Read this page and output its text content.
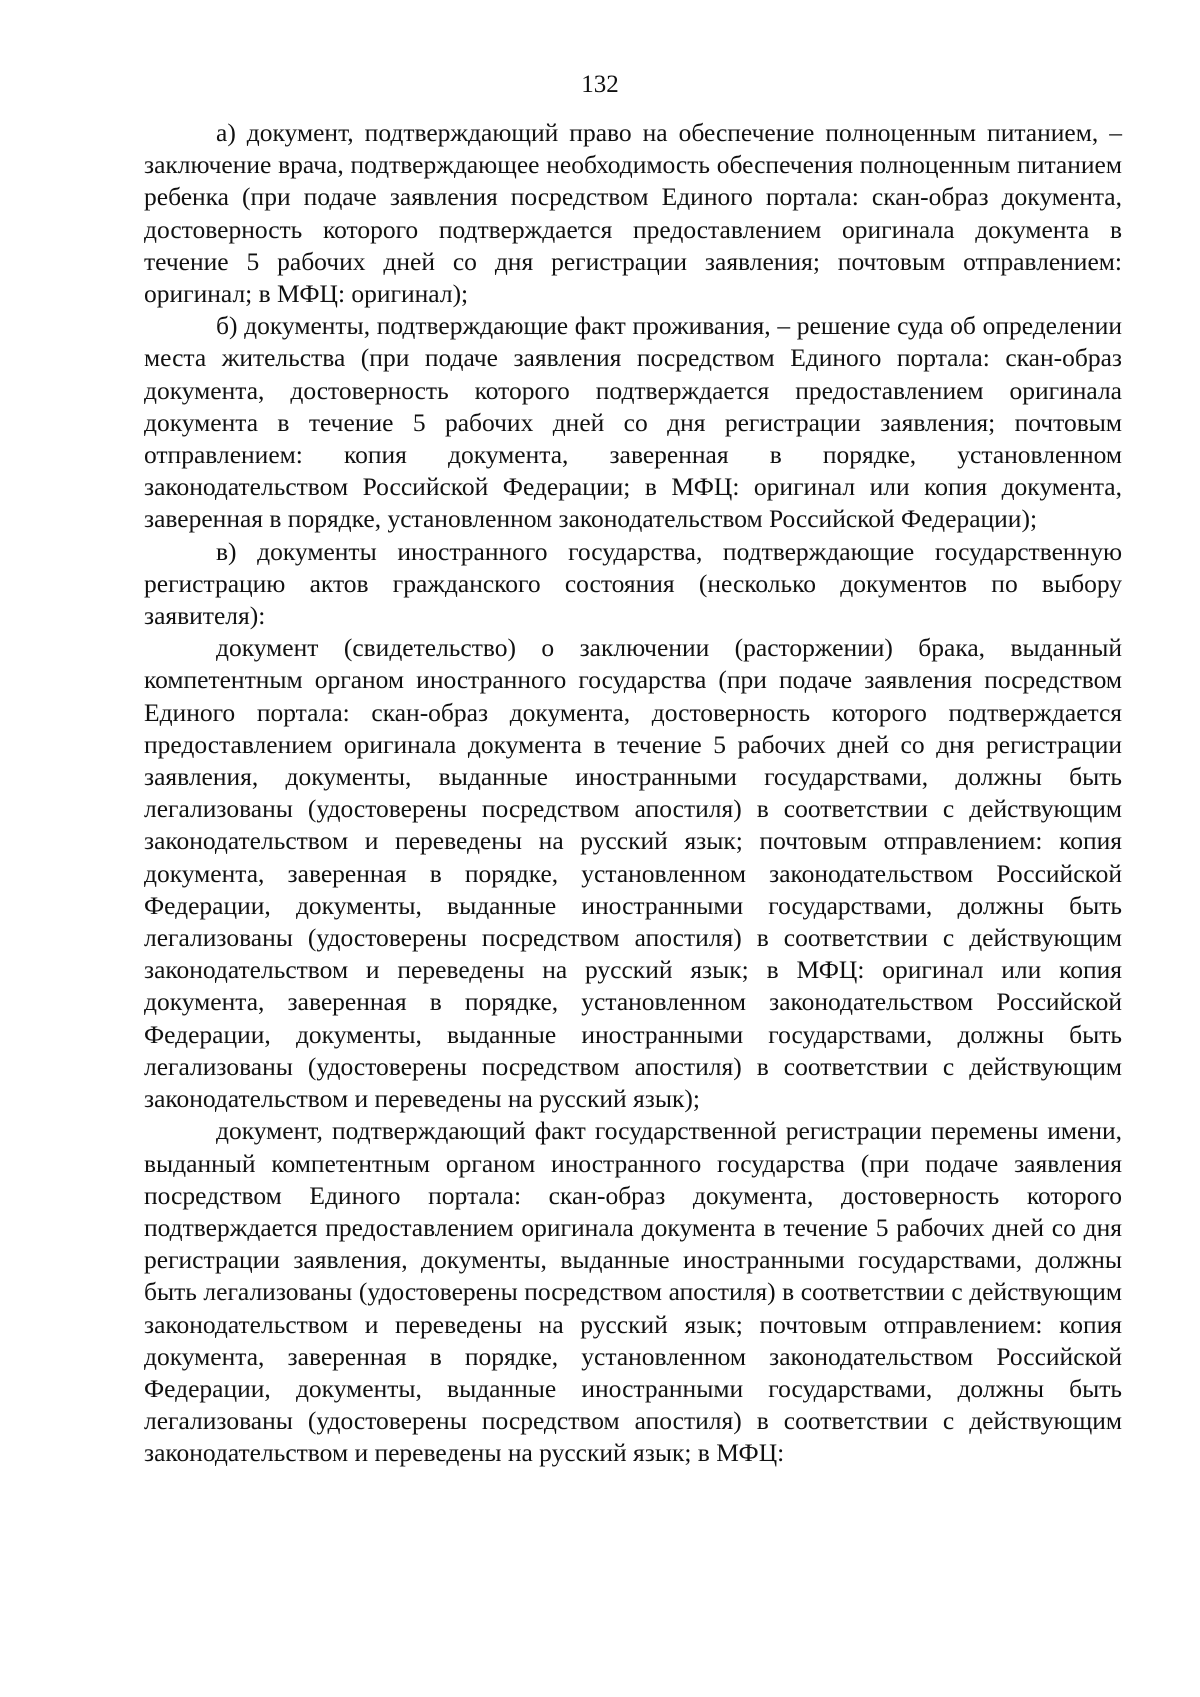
132

а) документ, подтверждающий право на обеспечение полноценным питанием, – заключение врача, подтверждающее необходимость обеспечения полноценным питанием ребенка (при подаче заявления посредством Единого портала: скан-образ документа, достоверность которого подтверждается предоставлением оригинала документа в течение 5 рабочих дней со дня регистрации заявления; почтовым отправлением: оригинал; в МФЦ: оригинал);

б) документы, подтверждающие факт проживания, – решение суда об определении места жительства (при подаче заявления посредством Единого портала: скан-образ документа, достоверность которого подтверждается предоставлением оригинала документа в течение 5 рабочих дней со дня регистрации заявления; почтовым отправлением: копия документа, заверенная в порядке, установленном законодательством Российской Федерации; в МФЦ: оригинал или копия документа, заверенная в порядке, установленном законодательством Российской Федерации);

в) документы иностранного государства, подтверждающие государственную регистрацию актов гражданского состояния (несколько документов по выбору заявителя):

документ (свидетельство) о заключении (расторжении) брака, выданный компетентным органом иностранного государства (при подаче заявления посредством Единого портала: скан-образ документа, достоверность которого подтверждается предоставлением оригинала документа в течение 5 рабочих дней со дня регистрации заявления, документы, выданные иностранными государствами, должны быть легализованы (удостоверены посредством апостиля) в соответствии с действующим законодательством и переведены на русский язык; почтовым отправлением: копия документа, заверенная в порядке, установленном законодательством Российской Федерации, документы, выданные иностранными государствами, должны быть легализованы (удостоверены посредством апостиля) в соответствии с действующим законодательством и переведены на русский язык; в МФЦ: оригинал или копия документа, заверенная в порядке, установленном законодательством Российской Федерации, документы, выданные иностранными государствами, должны быть легализованы (удостоверены посредством апостиля) в соответствии с действующим законодательством и переведены на русский язык);

документ, подтверждающий факт государственной регистрации перемены имени, выданный компетентным органом иностранного государства (при подаче заявления посредством Единого портала: скан-образ документа, достоверность которого подтверждается предоставлением оригинала документа в течение 5 рабочих дней со дня регистрации заявления, документы, выданные иностранными государствами, должны быть легализованы (удостоверены посредством апостиля) в соответствии с действующим законодательством и переведены на русский язык; почтовым отправлением: копия документа, заверенная в порядке, установленном законодательством Российской Федерации, документы, выданные иностранными государствами, должны быть легализованы (удостоверены посредством апостиля) в соответствии с действующим законодательством и переведены на русский язык; в МФЦ:
